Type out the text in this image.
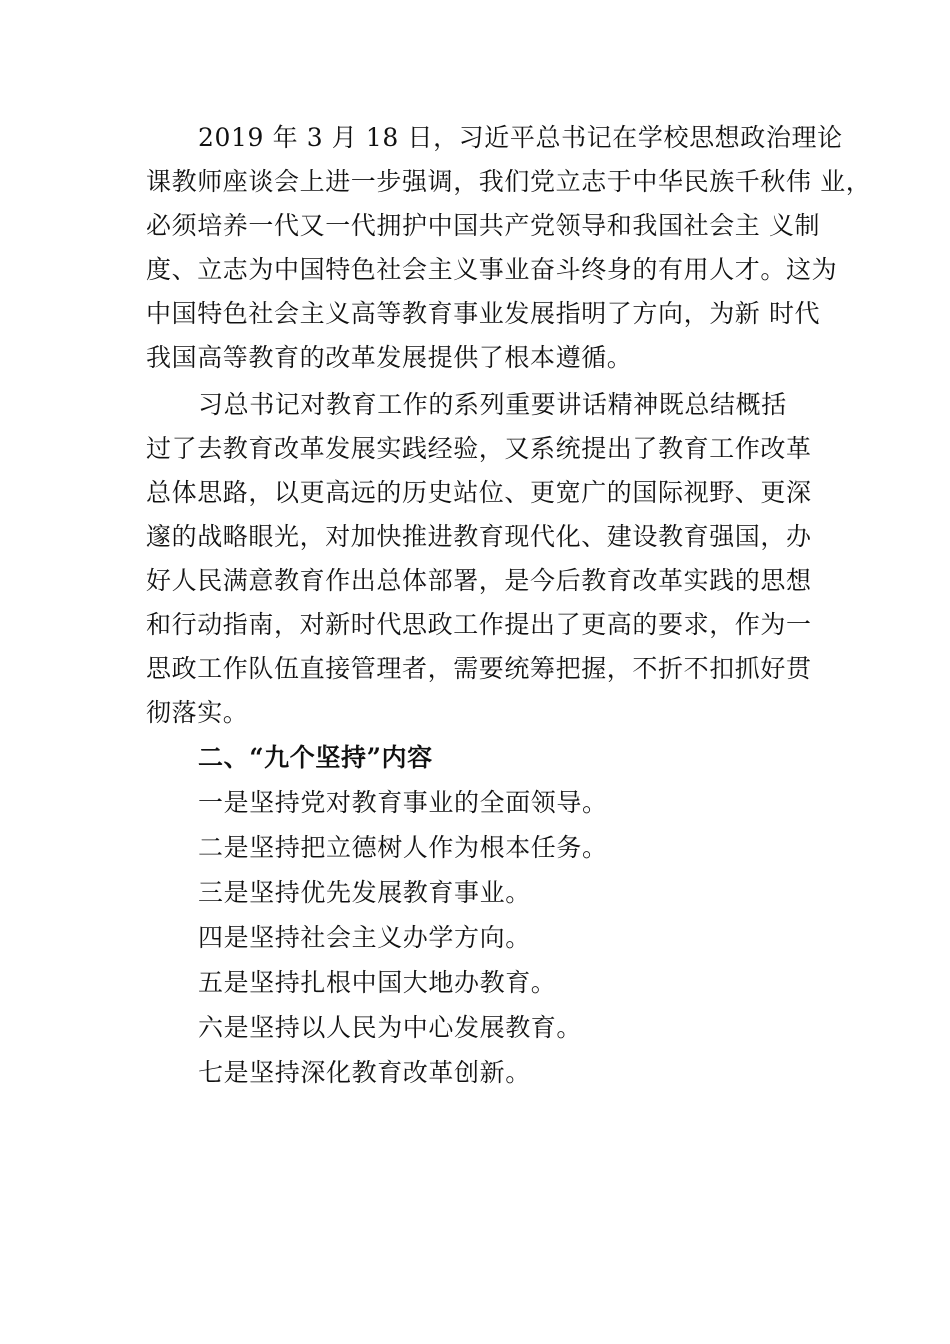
2019 年 3 月 18 日，习近平总书记在学校思想政治理论
课教师座谈会上进一步强调，我们党立志于中华民族千秋伟 业，
必须培养一代又一代拥护中国共产党领导和我国社会主 义制
度、立志为中国特色社会主义事业奋斗终身的有用人才。这为
中国特色社会主义高等教育事业发展指明了方向，为新 时代
我国高等教育的改革发展提供了根本遵循。
习总书记对教育工作的系列重要讲话精神既总结概括
过了去教育改革发展实践经验，又系统提出了教育工作改革
总体思路，以更高远的历史站位、更宽广的国际视野、更深
邃的战略眼光，对加快推进教育现代化、建设教育强国，办
好人民满意教育作出总体部署，是今后教育改革实践的思想
和行动指南，对新时代思政工作提出了更高的要求，作为一
思政工作队伍直接管理者，需要统筹把握，不折不扣抓好贯
彻落实。
二、“九个坚持”内容
一是坚持党对教育事业的全面领导。
二是坚持把立德树人作为根本任务。
三是坚持优先发展教育事业。
四是坚持社会主义办学方向。
五是坚持扎根中国大地办教育。
六是坚持以人民为中心发展教育。
七是坚持深化教育改革创新。
